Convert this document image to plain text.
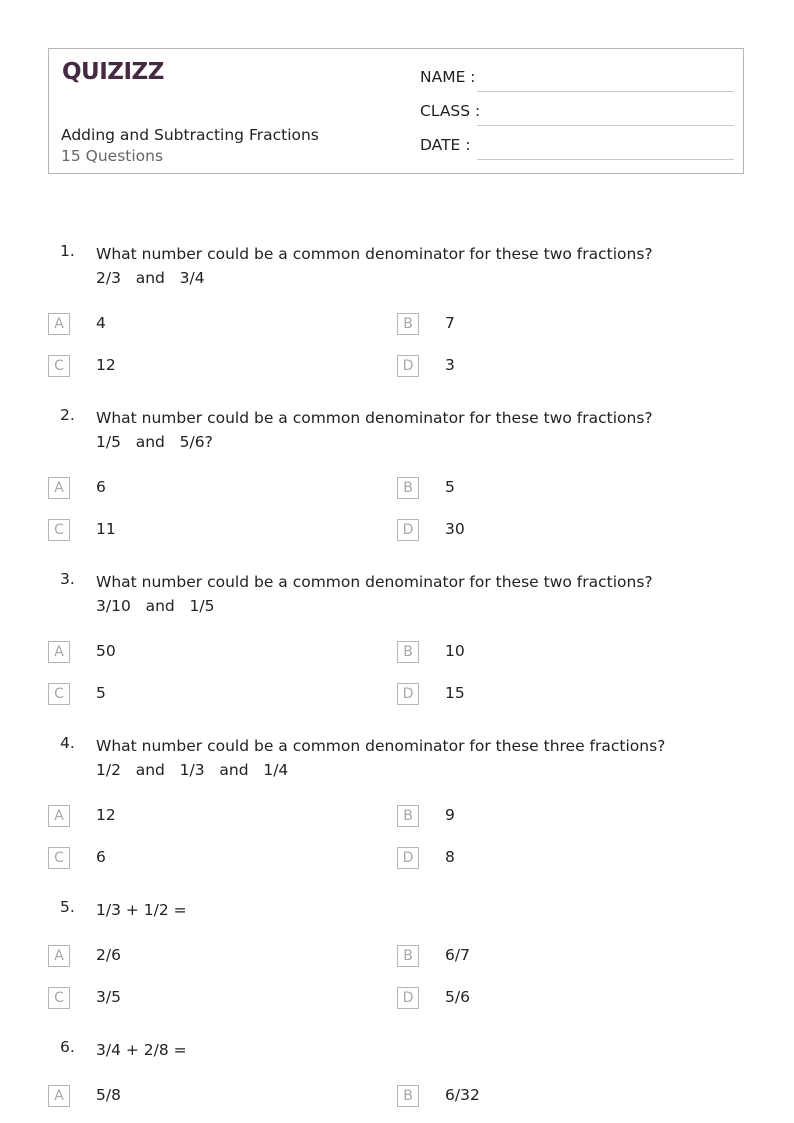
QUIZIZZ
Adding and Subtracting Fractions
15 Questions
NAME :
CLASS :
DATE :
1. What number could be a common denominator for these two fractions?
2/3   and   3/4
A	4	B	7
C	12	D	3
2. What number could be a common denominator for these two fractions?
1/5   and   5/6?
A	6	B	5
C	11	D	30
3. What number could be a common denominator for these two fractions?
3/10   and   1/5
A	50	B	10
C	5	D	15
4. What number could be a common denominator for these three fractions?
1/2   and   1/3   and   1/4
A	12	B	9
C	6	D	8
5. 1/3 + 1/2 =
A	2/6	B	6/7
C	3/5	D	5/6
6. 3/4 + 2/8 =
A	5/8	B	6/32
